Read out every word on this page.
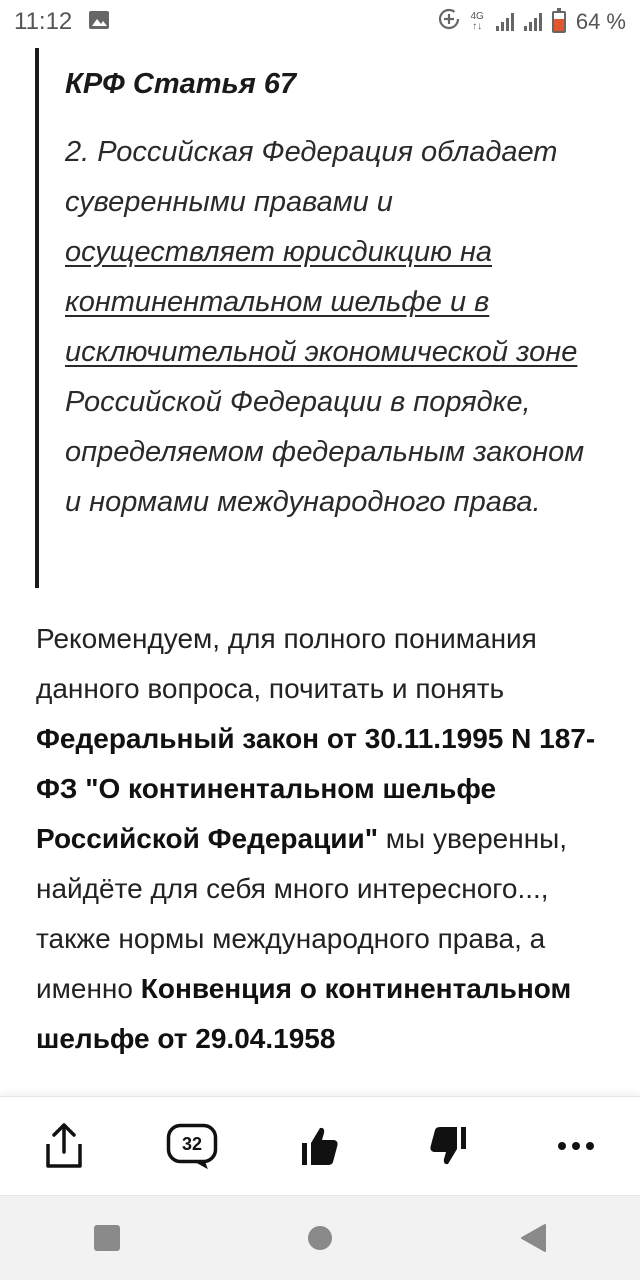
11:12	4G
↑↓	64 %
КРФ Статья 67

2. Российская Федерация обладает суверенными правами и осуществляет юрисдикцию на континентальном шельфе и в исключительной экономической зоне Российской Федерации в порядке, определяемом федеральным законом и нормами международного права.

Рекомендуем, для полного понимания данного вопроса, почитать и понять Федеральный закон от 30.11.1995 N 187-ФЗ "О континентальном шельфе Российской Федерации" мы уверенны, найдёте для себя много интересного..., также нормы международного права, а именно Конвенция о континентальном шельфе от 29.04.1958

32
